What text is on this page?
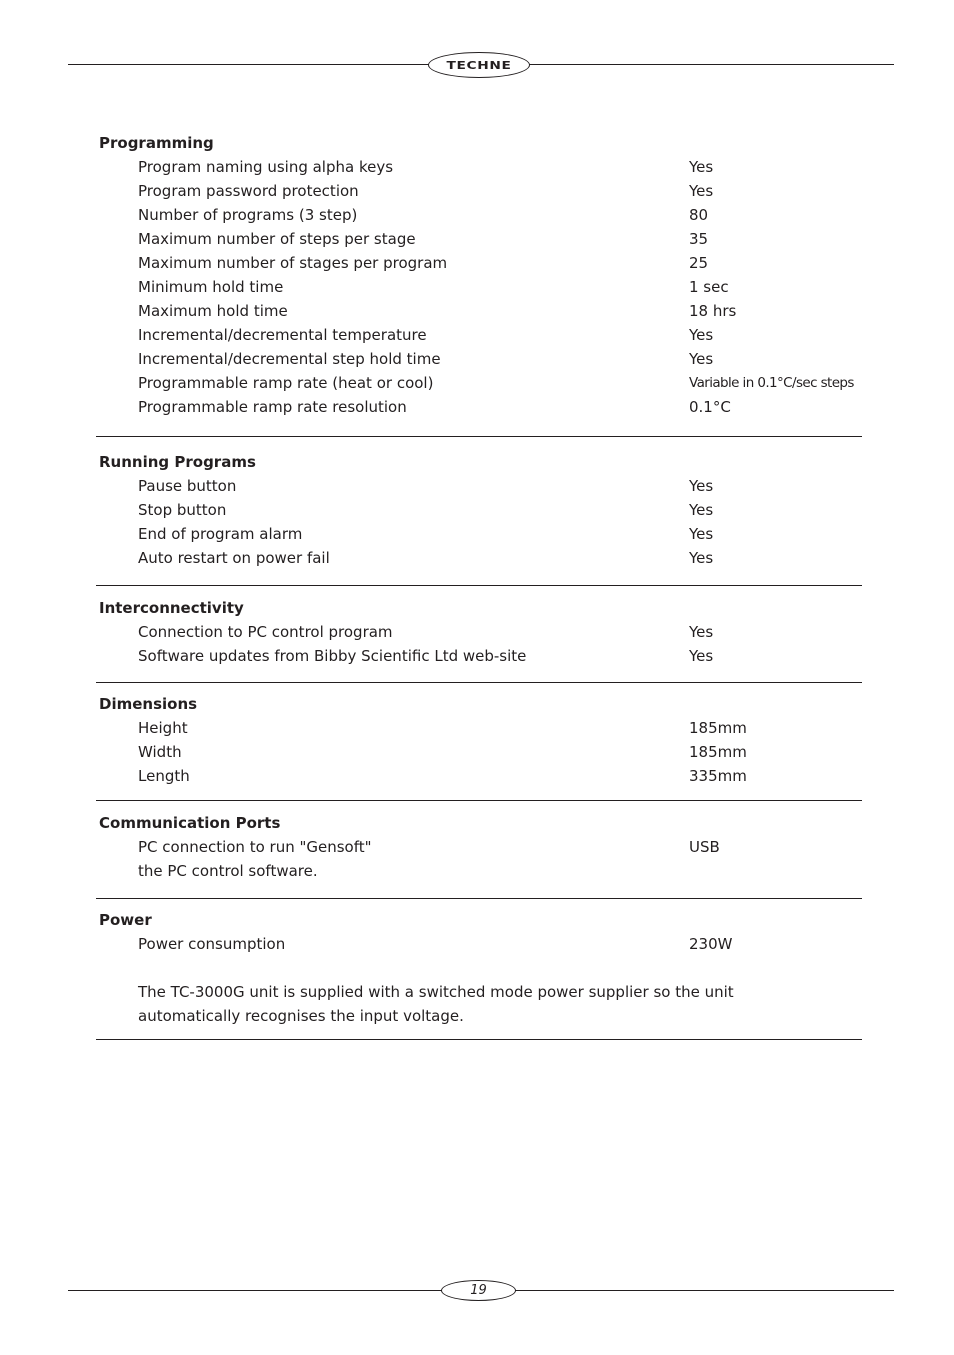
TECHNE
Programming
Program naming using alpha keys	Yes
Program password protection	Yes
Number of programs (3 step)	80
Maximum number of steps per stage	35
Maximum number of stages per program	25
Minimum hold time	1 sec
Maximum hold time	18 hrs
Incremental/decremental temperature	Yes
Incremental/decremental step hold time	Yes
Programmable ramp rate (heat or cool)	Variable in 0.1°C/sec steps
Programmable ramp rate resolution	0.1°C
Running Programs
Pause button	Yes
Stop button	Yes
End of program alarm	Yes
Auto restart on power fail	Yes
Interconnectivity
Connection to PC control program	Yes
Software updates from Bibby Scientific Ltd web-site	Yes
Dimensions
Height	185mm
Width	185mm
Length	335mm
Communication Ports
PC connection to run "Gensoft"	USB
the PC control software.
Power
Power consumption	230W
The TC-3000G unit is supplied with a switched mode power supplier so the unit automatically recognises the input voltage.
19
